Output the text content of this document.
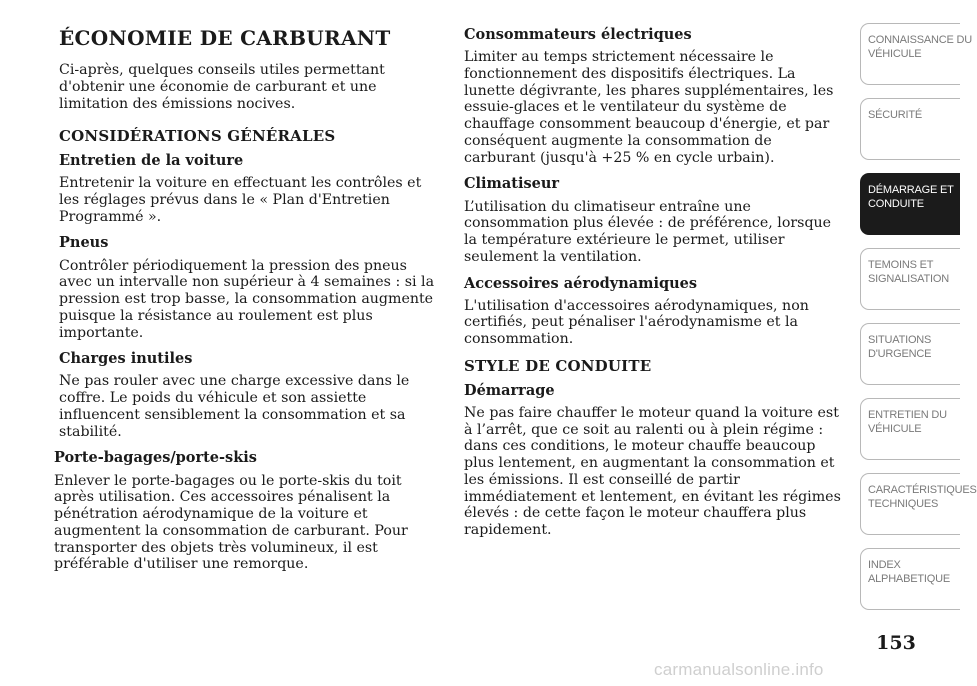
ÉCONOMIE DE CARBURANT

Ci-après, quelques conseils utiles permettant d'obtenir une économie de carburant et une limitation des émissions nocives.

CONSIDÉRATIONS GÉNÉRALES
Entretien de la voiture

Entretenir la voiture en effectuant les contrôles et les réglages prévus dans le « Plan d'Entretien Programmé ».

Pneus

Contrôler périodiquement la pression des pneus avec un intervalle non supérieur à 4 semaines : si la pression est trop basse, la consommation augmente puisque la résistance au roulement est plus importante.

Charges inutiles

Ne pas rouler avec une charge excessive dans le coffre. Le poids du véhicule et son assiette influencent sensiblement la consommation et sa stabilité.

Porte-bagages/porte-skis

Enlever le porte-bagages ou le porte-skis du toit après utilisation. Ces accessoires pénalisent la pénétration aérodynamique de la voiture et augmentent la consommation de carburant. Pour transporter des objets très volumineux, il est préférable d'utiliser une remorque.

Consommateurs électriques

Limiter au temps strictement nécessaire le fonctionnement des dispositifs électriques. La lunette dégivrante, les phares supplémentaires, les essuie-glaces et le ventilateur du système de chauffage consomment beaucoup d'énergie, et par conséquent augmente la consommation de carburant (jusqu'à +25 % en cycle urbain).

Climatiseur

L’utilisation du climatiseur entraîne une consommation plus élevée : de préférence, lorsque la température extérieure le permet, utiliser seulement la ventilation.

Accessoires aérodynamiques

L'utilisation d'accessoires aérodynamiques, non certifiés, peut pénaliser l'aérodynamisme et la consommation.

STYLE DE CONDUITE
Démarrage

Ne pas faire chauffer le moteur quand la voiture est à l’arrêt, que ce soit au ralenti ou à plein régime : dans ces conditions, le moteur chauffe beaucoup plus lentement, en augmentant la consommation et les émissions. Il est conseillé de partir immédiatement et lentement, en évitant les régimes élevés : de cette façon le moteur chauffera plus rapidement.

CONNAISSANCE DU
VÉHICULE
SÉCURITÉ
DÉMARRAGE ET
CONDUITE
TEMOINS ET
SIGNALISATION
SITUATIONS
D'URGENCE
ENTRETIEN DU
VÉHICULE
CARACTÉRISTIQUES
TECHNIQUES
INDEX
ALPHABETIQUE
153
carmanualsonline.info
